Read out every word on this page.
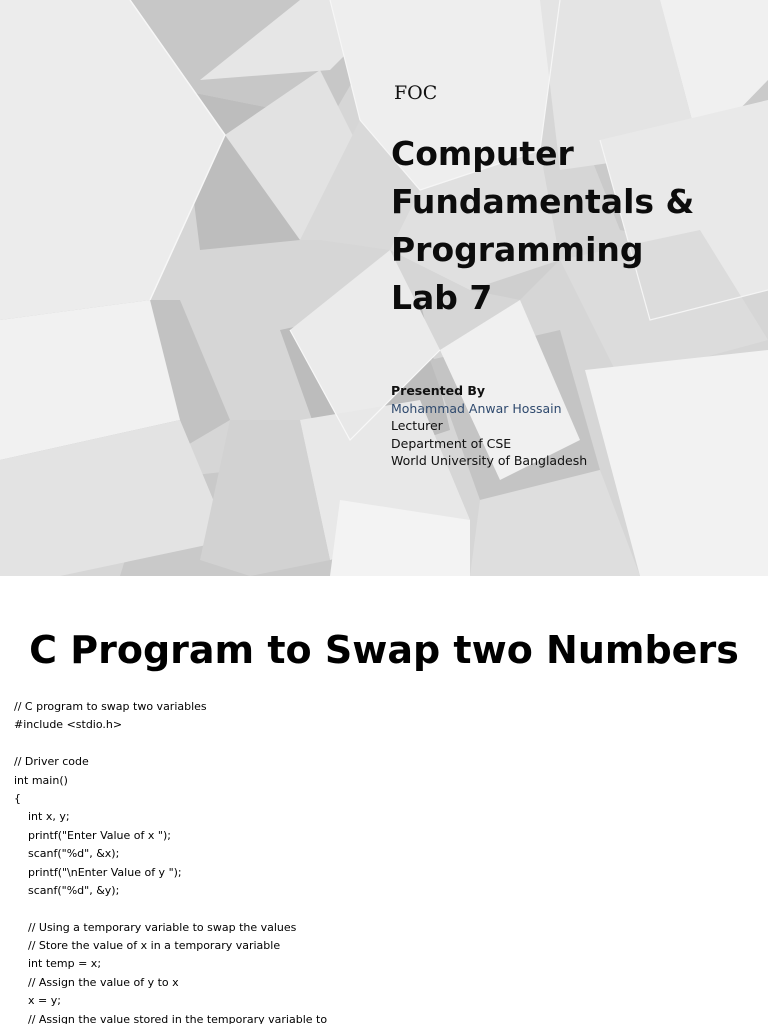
FOC
Computer
Fundamentals &
Programming
Lab 7
Presented By
Mohammad Anwar Hossain
Lecturer
Department of CSE
World University of Bangladesh
C Program to Swap two Numbers
// C program to swap two variables
#include <stdio.h>
// Driver code
int main()
{
int x, y;
printf("Enter Value of x ");
scanf("%d", &x);
printf("\nEnter Value of y ");
scanf("%d", &y);
// Using a temporary variable to swap the values
// Store the value of x in a temporary variable
int temp = x;
// Assign the value of y to x
x = y;
// Assign the value stored in the temporary variable to
